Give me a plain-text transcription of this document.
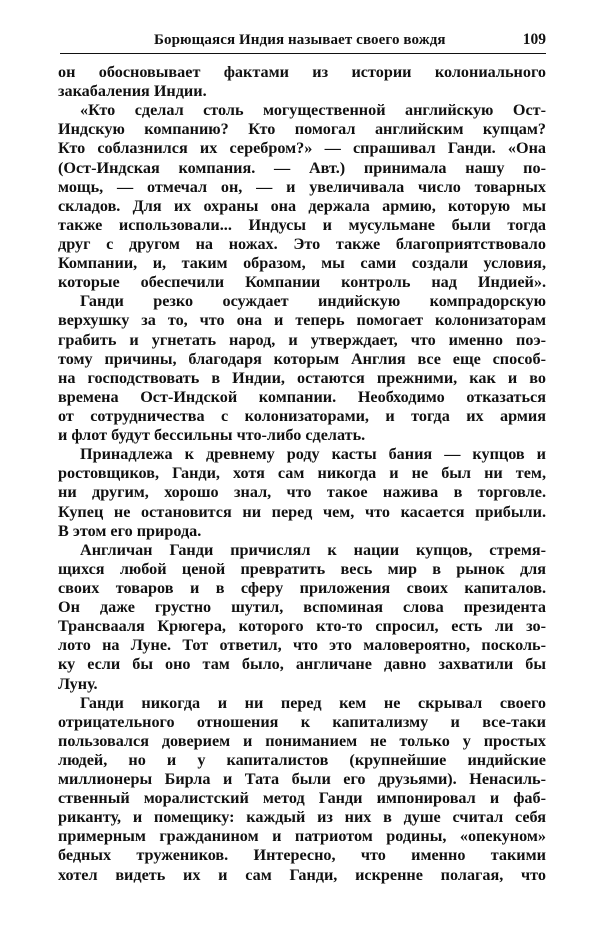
Борющаяся Индия называет своего вождя	109
он обосновывает фактами из истории колониального
закабаления Индии.
«Кто сделал столь могущественной английскую Ост-
Индскую компанию? Кто помогал английским купцам?
Кто соблазнился их серебром?» — спрашивал Ганди. «Она
(Ост-Индская компания. — Авт.) принимала нашу по-
мощь, — отмечал он, — и увеличивала число товарных
складов. Для их охраны она держала армию, которую мы
также использовали... Индусы и мусульмане были тогда
друг с другом на ножах. Это также благоприятствовало
Компании, и, таким образом, мы сами создали условия,
которые обеспечили Компании контроль над Индией».
Ганди резко осуждает индийскую компрадорскую
верхушку за то, что она и теперь помогает колонизаторам
грабить и угнетать народ, и утверждает, что именно поэ-
тому причины, благодаря которым Англия все еще способ-
на господствовать в Индии, остаются прежними, как и во
времена Ост-Индской компании. Необходимо отказаться
от сотрудничества с колонизаторами, и тогда их армия
и флот будут бессильны что-либо сделать.
Принадлежа к древнему роду касты бания — купцов и
ростовщиков, Ганди, хотя сам никогда и не был ни тем,
ни другим, хорошо знал, что такое нажива в торговле.
Купец не остановится ни перед чем, что касается прибыли.
В этом его природа.
Англичан Ганди причислял к нации купцов, стремя-
щихся любой ценой превратить весь мир в рынок для
своих товаров и в сферу приложения своих капиталов.
Он даже грустно шутил, вспоминая слова президента
Трансвааля Крюгера, которого кто-то спросил, есть ли зо-
лото на Луне. Тот ответил, что это маловероятно, посколь-
ку если бы оно там было, англичане давно захватили бы
Луну.
Ганди никогда и ни перед кем не скрывал своего
отрицательного отношения к капитализму и все-таки
пользовался доверием и пониманием не только у простых
людей, но и у капиталистов (крупнейшие индийские
миллионеры Бирла и Тата были его друзьями). Ненасиль-
ственный моралистский метод Ганди импонировал и фаб-
риканту, и помещику: каждый из них в душе считал себя
примерным гражданином и патриотом родины, «опекуном»
бедных тружеников. Интересно, что именно такими
хотел видеть их и сам Ганди, искренне полагая, что
